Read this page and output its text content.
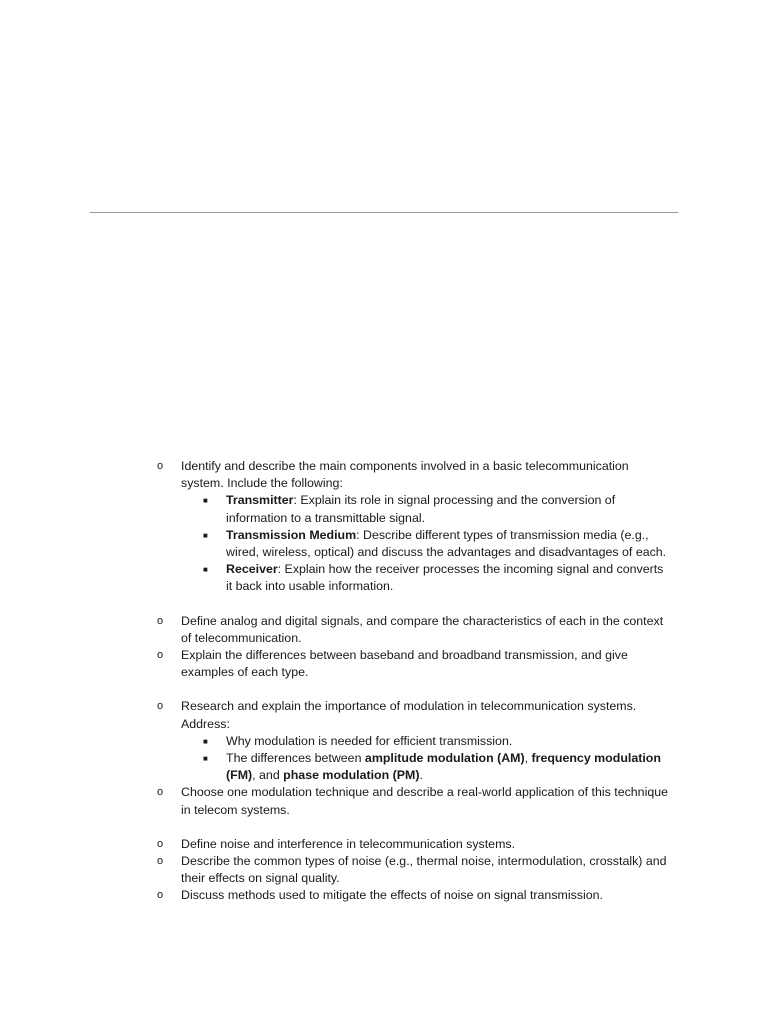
o Identify and describe the main components involved in a basic telecommunication system. Include the following:
■ Transmitter: Explain its role in signal processing and the conversion of information to a transmittable signal.
■ Transmission Medium: Describe different types of transmission media (e.g., wired, wireless, optical) and discuss the advantages and disadvantages of each.
■ Receiver: Explain how the receiver processes the incoming signal and converts it back into usable information.
o Define analog and digital signals, and compare the characteristics of each in the context of telecommunication.
o Explain the differences between baseband and broadband transmission, and give examples of each type.
o Research and explain the importance of modulation in telecommunication systems. Address:
■ Why modulation is needed for efficient transmission.
■ The differences between amplitude modulation (AM), frequency modulation (FM), and phase modulation (PM).
o Choose one modulation technique and describe a real-world application of this technique in telecom systems.
o Define noise and interference in telecommunication systems.
o Describe the common types of noise (e.g., thermal noise, intermodulation, crosstalk) and their effects on signal quality.
o Discuss methods used to mitigate the effects of noise on signal transmission.
